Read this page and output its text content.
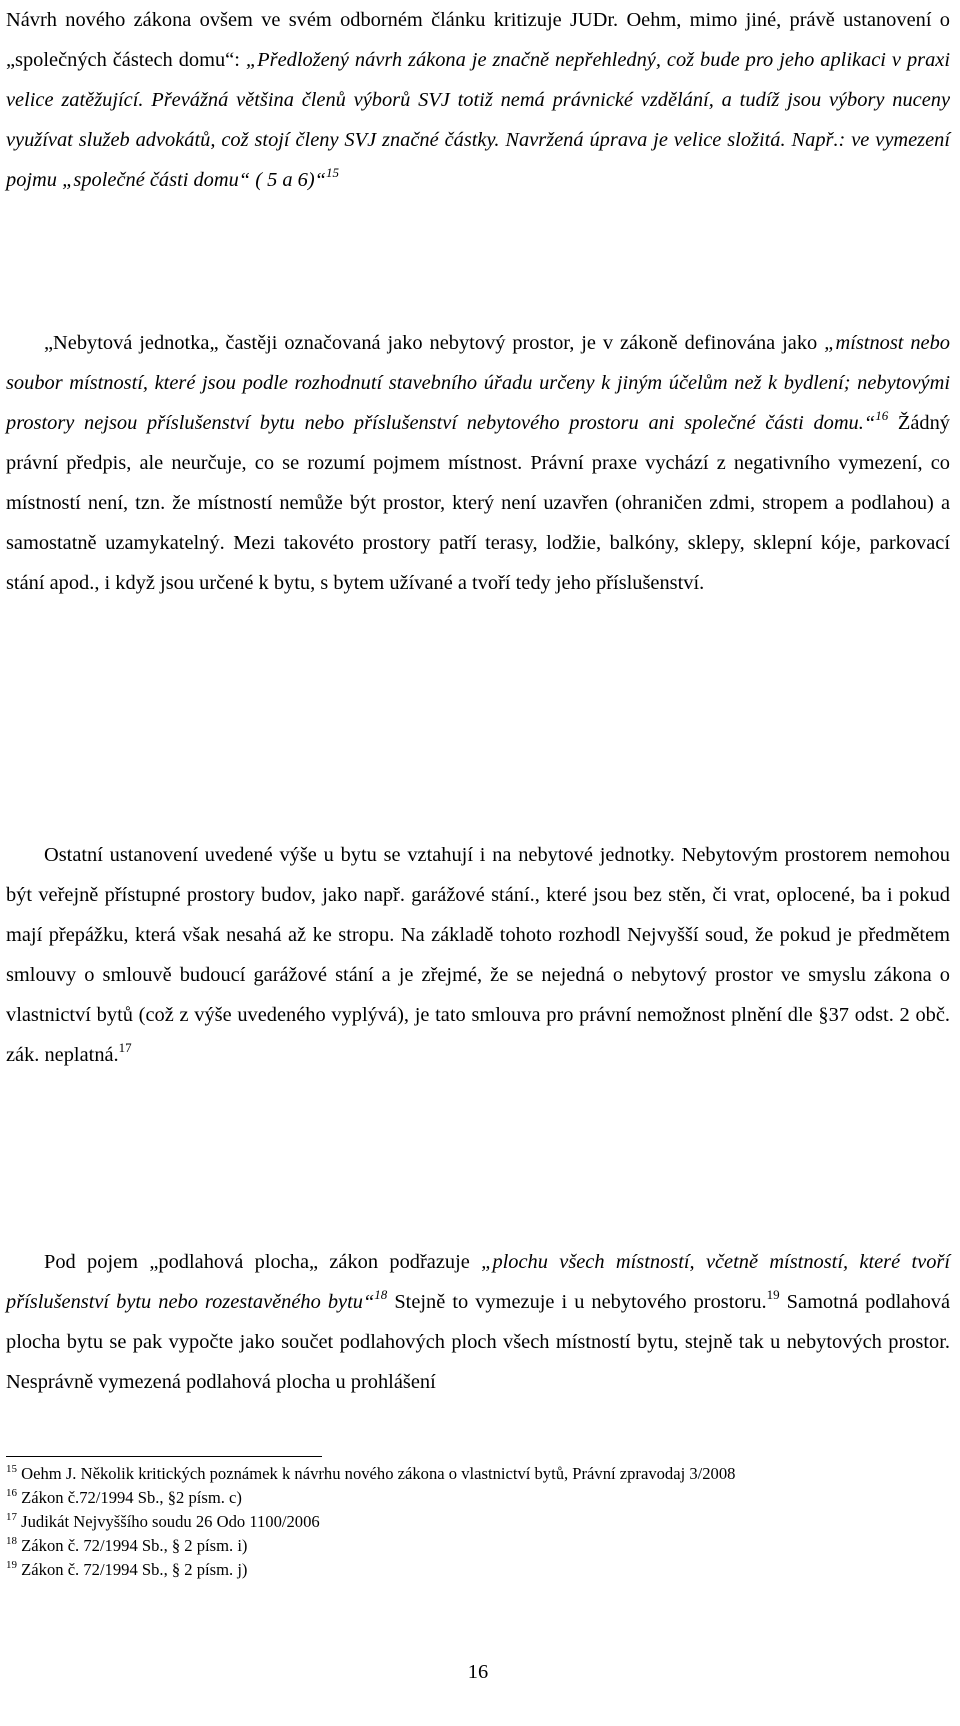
Návrh nového zákona ovšem ve svém odborném článku kritizuje JUDr. Oehm, mimo jiné, právě ustanovení o „společných částech domu“: „Předložený návrh zákona je značně nepřehledný, což bude pro jeho aplikaci v praxi velice zatěžující. Převážná většina členů výborů SVJ totiž nemá právnické vzdělání, a tudíž jsou výbory nuceny využívat služeb advokátů, což stojí členy SVJ značné částky. Navržená úprava je velice složitá. Např.: ve vymezení pojmu „společné části domu“ ( 5 a 6)“$^{15}$

„Nebytová jednotka„ častěji označovaná jako nebytový prostor, je v zákoně definována jako „místnost nebo soubor místností, které jsou podle rozhodnutí stavebního úřadu určeny k jiným účelům než k bydlení; nebytovými prostory nejsou příslušenství bytu nebo příslušenství nebytového prostoru ani společné části domu.“$^{16}$ Žádný právní předpis, ale neurčuje, co se rozumí pojmem místnost. Právní praxe vychází z negativního vymezení, co místností není, tzn. že místností nemůže být prostor, který není uzavřen (ohraničen zdmi, stropem a podlahou) a samostatně uzamykatelný. Mezi takovéto prostory patří terasy, lodžie, balkóny, sklepy, sklepní kóje, parkovací stání apod., i když jsou určené k bytu, s bytem užívané a tvoří tedy jeho příslušenství.

Ostatní ustanovení uvedené výše u bytu se vztahují i na nebytové jednotky. Nebytovým prostorem nemohou být veřejně přístupné prostory budov, jako např. garážové stání., které jsou bez stěn, či vrat, oplocené, ba i pokud mají přepážku, která však nesahá až ke stropu. Na základě tohoto rozhodl Nejvyšší soud, že pokud je předmětem smlouvy o smlouvě budoucí garážové stání a je zřejmé, že se nejedná o nebytový prostor ve smyslu zákona o vlastnictví bytů (což z výše uvedeného vyplývá), je tato smlouva pro právní nemožnost plnění dle §37 odst. 2 obč. zák. neplatná.$^{17}$

Pod pojem „podlahová plocha„ zákon podřazuje „plochu všech místností, včetně místností, které tvoří příslušenství bytu nebo rozestavěného bytu“$^{18}$ Stejně to vymezuje i u nebytového prostoru.$^{19}$ Samotná podlahová plocha bytu se pak vypočte jako součet podlahových ploch všech místností bytu, stejně tak u nebytových prostor. Nesprávně vymezená podlahová plocha u prohlášení

$^{15}$ Oehm J. Několik kritických poznámek k návrhu nového zákona o vlastnictví bytů, Právní zpravodaj 3/2008

$^{16}$ Zákon č.72/1994 Sb., §2 písm. c)

$^{17}$ Judikát Nejvyššího soudu 26 Odo 1100/2006

$^{18}$ Zákon č. 72/1994 Sb., § 2 písm. i)

$^{19}$ Zákon č. 72/1994 Sb., § 2 písm. j)

16
